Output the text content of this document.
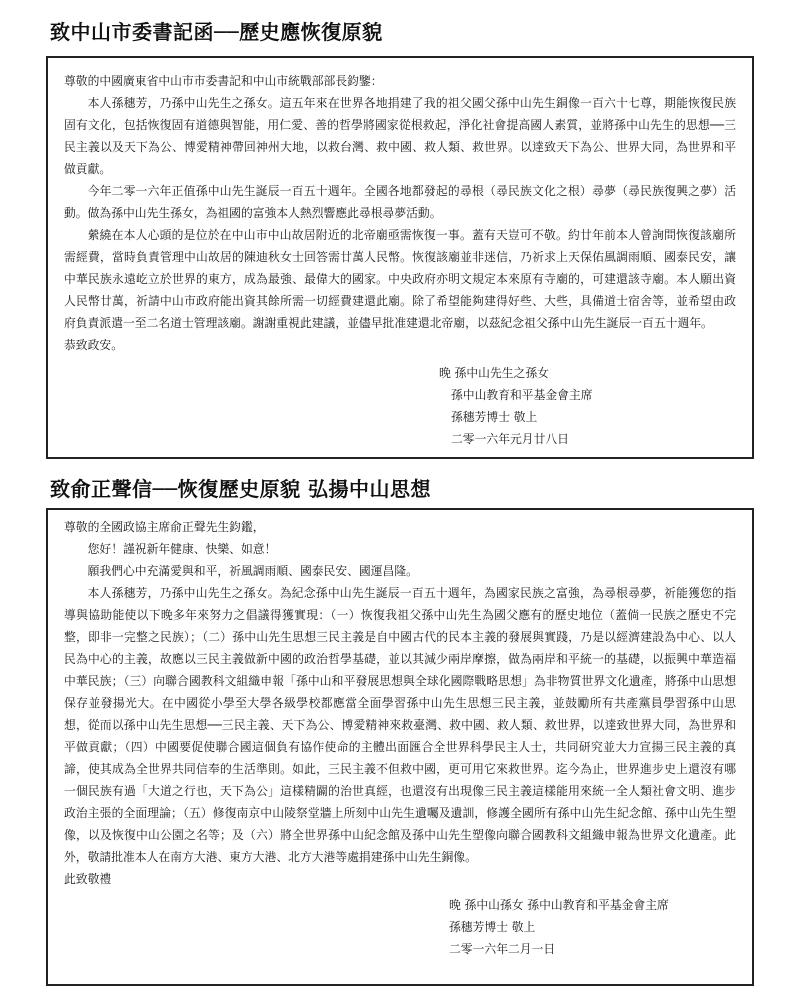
致中山市委書記函──歷史應恢復原貌

尊敬的中國廣東省中山市市委書記和中山市統戰部部長鈞鑒：

本人孫穗芳，乃孫中山先生之孫女。這五年來在世界各地捐建了我的祖父國父孫中山先生銅像一百六十七尊，期能恢復民族固有文化，包括恢復固有道德與智能，用仁愛、善的哲學將國家從根救起，淨化社會提高國人素質，並將孫中山先生的思想──三民主義以及天下為公、博愛精神帶回神州大地，以救台灣、救中國、救人類、救世界。以達致天下為公、世界大同，為世界和平做貢獻。

今年二零一六年正值孫中山先生誕辰一百五十週年。全國各地都發起的尋根（尋民族文化之根）尋夢（尋民族復興之夢）活動。做為孫中山先生孫女，為祖國的富強本人熱烈響應此尋根尋夢活動。

縈繞在本人心頭的是位於在中山市中山故居附近的北帝廟亟需恢復一事。蓋有天豈可不敬。約廿年前本人曾詢問恢復該廟所需經費，當時負責管理中山故居的陳迪秋女士回答需廿萬人民幣。恢復該廟並非迷信，乃祈求上天保佑風調雨順、國泰民安，讓中華民族永遠屹立於世界的東方，成為最強、最偉大的國家。中央政府亦明文規定本來原有寺廟的，可建還該寺廟。本人願出資人民幣廿萬，祈請中山市政府能出資其餘所需一切經費建還此廟。除了希望能夠建得好些、大些，具備道士宿舍等，並希望由政府負責派遣一至二名道士管理該廟。謝謝重視此建議，並儘早批准建還北帝廟，以茲紀念祖父孫中山先生誕辰一百五十週年。

恭致政安。

晚 孫中山先生之孫女
孫中山教育和平基金會主席
孫穗芳博士 敬上
二零一六年元月廿八日
致俞正聲信──恢復歷史原貌 弘揚中山思想

尊敬的全國政協主席俞正聲先生鈞鑑，

您好！謹祝新年健康、快樂、如意！

願我們心中充滿愛與和平，祈風調雨順、國泰民安、國運昌隆。

本人孫穗芳，乃孫中山先生之孫女。為紀念孫中山先生誕辰一百五十週年，為國家民族之富強，為尋根尋夢，祈能獲您的指導與協助能使以下晚多年來努力之倡議得獲實現：（一）恢復我祖父孫中山先生為國父應有的歷史地位（蓋倘一民族之歷史不完整，即非一完整之民族）；（二）孫中山先生思想三民主義是自中國古代的民本主義的發展與實踐，乃是以經濟建設為中心、以人民為中心的主義，故應以三民主義做新中國的政治哲學基礎，並以其減少兩岸摩擦，做為兩岸和平統一的基礎，以振興中華造福中華民族；（三）向聯合國教科文組織申報「孫中山和平發展思想與全球化國際戰略思想」為非物質世界文化遺產，將孫中山思想保存並發揚光大。在中國從小學至大學各級學校都應當全面學習孫中山先生思想三民主義，並鼓勵所有共產黨員學習孫中山思想，從而以孫中山先生思想──三民主義、天下為公、博愛精神來救臺灣、救中國、救人類、救世界，以達致世界大同，為世界和平做貢獻；（四）中國要促使聯合國這個負有協作使命的主體出面匯合全世界科學民主人士，共同研究並大力宣揚三民主義的真諦，使其成為全世界共同信奉的生活準則。如此，三民主義不但救中國，更可用它來救世界。迄今為止，世界進步史上還沒有哪一個民族有過「大道之行也，天下為公」這樣精闢的治世真經，也還沒有出現像三民主義這樣能用來統一全人類社會文明、進步政治主張的全面理論；（五）修復南京中山陵祭堂牆上所刻中山先生遺囑及遺訓，修護全國所有孫中山先生紀念館、孫中山先生塑像，以及恢復中山公園之名等；及（六）將全世界孫中山紀念館及孫中山先生塑像向聯合國教科文組織申報為世界文化遺產。此外，敬請批准本人在南方大港、東方大港、北方大港等處捐建孫中山先生銅像。

此致敬禮

晚 孫中山孫女 孫中山教育和平基金會主席
孫穗芳博士 敬上
二零一六年二月一日
